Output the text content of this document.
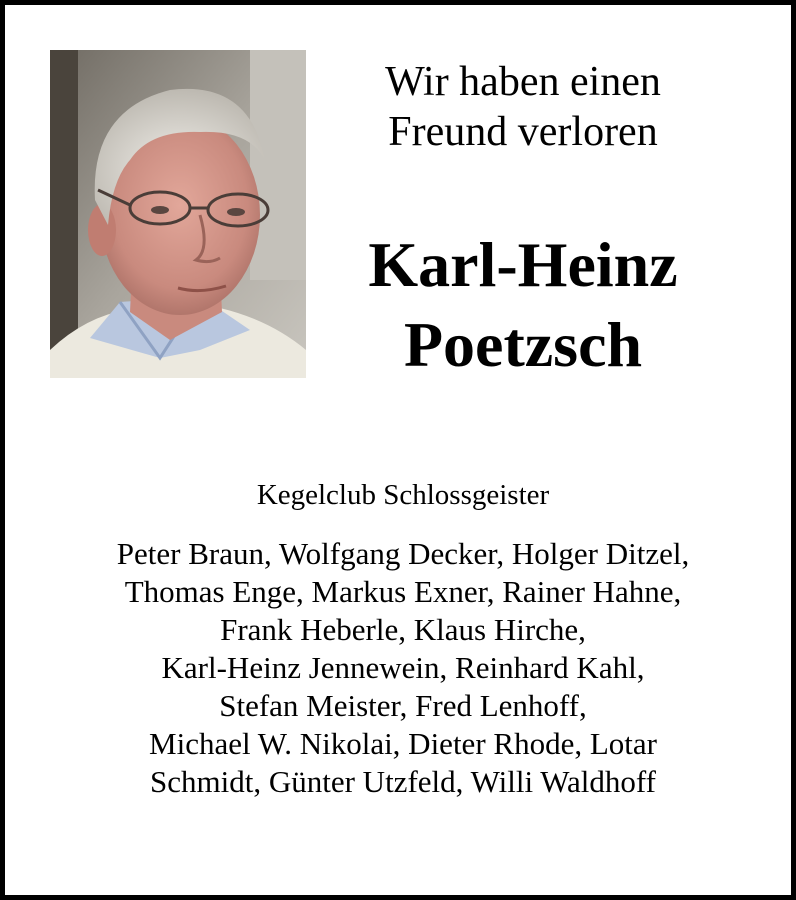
Wir haben einen
Freund verloren
Karl-Heinz
Poetzsch
Kegelclub Schlossgeister
Peter Braun, Wolfgang Decker, Holger Ditzel,
Thomas Enge, Markus Exner, Rainer Hahne,
Frank Heberle, Klaus Hirche,
Karl-Heinz Jennewein, Reinhard Kahl,
Stefan Meister, Fred Lenhoff,
Michael W. Nikolai, Dieter Rhode, Lotar
Schmidt, Günter Utzfeld, Willi Waldhoff
